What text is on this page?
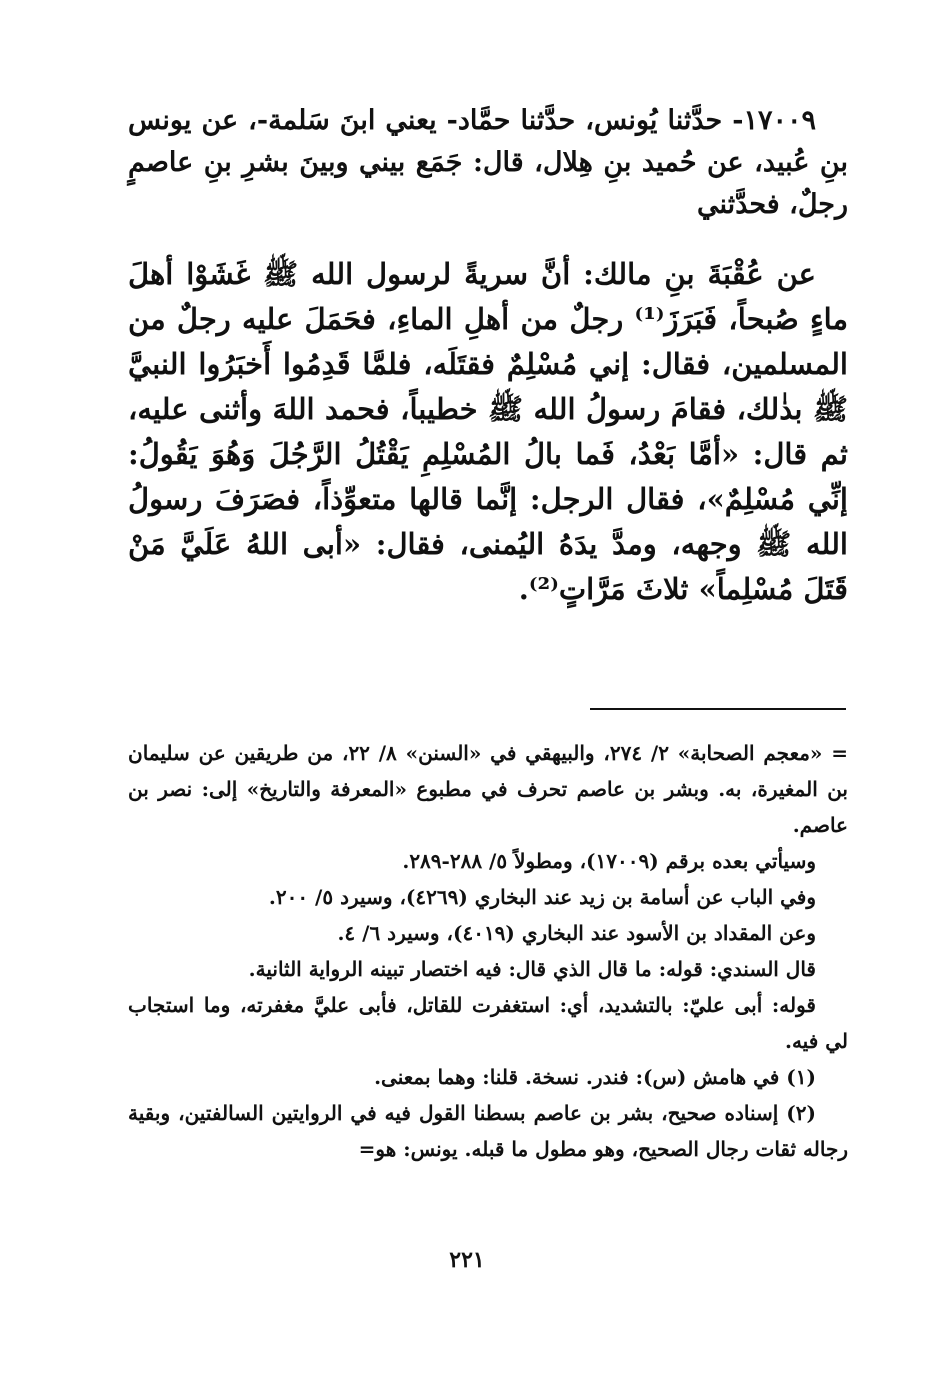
١٧٠٠٩- حدَّثنا يُونس، حدَّثنا حمَّاد- يعني ابنَ سَلمة-، عن يونس بنِ عُبيد، عن حُميد بنِ هِلال، قال: جَمَع بيني وبينَ بشرِ بنِ عاصمٍ رجلٌ، فحدَّثني

عن عُقْبَةَ بنِ مالك: أنَّ سريةً لرسول الله ﷺ غَشَوْا أهلَ ماءٍ صُبحاً، فَبَرَزَ⁽¹⁾ رجلٌ من أهلِ الماءِ، فحَمَلَ عليه رجلٌ من المسلمين، فقال: إني مُسْلِمٌ فقتَلَه، فلمَّا قَدِمُوا أَخبَرُوا النبيَّ ﷺ بذٰلك، فقامَ رسولُ الله ﷺ خطيباً، فحمد اللهَ وأثنى عليه، ثم قال: «أمَّا بَعْدُ، فَما بالُ المُسْلِمِ يَقْتُلُ الرَّجُلَ وَهُوَ يَقُولُ: إنِّي مُسْلِمٌ»، فقال الرجل: إنَّما قالها متعوِّذاً، فصَرَفَ رسولُ الله ﷺ وجهه، ومدَّ يدَهُ اليُمنى، فقال: «أبى اللهُ عَلَيَّ مَنْ قَتَلَ مُسْلِماً» ثلاثَ مَرَّاتٍ⁽²⁾.

= «معجم الصحابة» ٢/ ٢٧٤، والبيهقي في «السنن» ٨/ ٢٢، من طريقين عن سليمان بن المغيرة، به. وبشر بن عاصم تحرف في مطبوع «المعرفة والتاريخ» إلى: نصر بن عاصم.

وسيأتي بعده برقم (١٧٠٠٩)، ومطولاً ٥/ ٢٨٨-٢٨٩.

وفي الباب عن أسامة بن زيد عند البخاري (٤٢٦٩)، وسيرد ٥/ ٢٠٠.

وعن المقداد بن الأسود عند البخاري (٤٠١٩)، وسيرد ٦/ ٤.

قال السندي: قوله: ما قال الذي قال: فيه اختصار تبينه الرواية الثانية.

قوله: أبى عليّ: بالتشديد، أي: استغفرت للقاتل، فأبى عليَّ مغفرته، وما استجاب لي فيه.

(١) في هامش (س): فندر. نسخة. قلنا: وهما بمعنى.

(٢) إسناده صحيح، بشر بن عاصم بسطنا القول فيه في الروايتين السالفتين، وبقية رجاله ثقات رجال الصحيح، وهو مطول ما قبله. يونس: هو=

٢٢١
